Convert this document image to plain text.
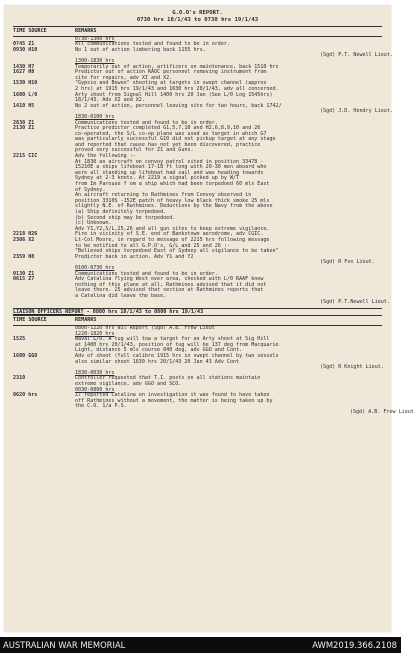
G.O.O's REPORT.
0730 hrs 18/1/43 to 0730 hrs 19/1/43
TIME SOURCE	REMARKS
0730-1300 hrs
0745 Z1	All communications tested and found to be in order.
0930 H10	No 1 out of action limbering back 1155 hrs.
(Sgd) P.T. Newell Lieut.
1300-1830 hrs
1430 H7	Temporarily out of action, artificers on maintenance, back 1510 hrs
1627 H8	Predictor out of action RAOC personnel removing instrument from
site for repairs, adv XI and X2.
1530 H10	"Gypsie and Bowen" shooting at targets in swept channel (approx
2 hrs) at 1915 hrs 19/1/43 and 1630 hrs 20/1/43, adv all concerned.
1600 L/0	Arty shoot from Signal Hill 1400 hrs 20 Jan (See L/0 Log 1545hrs)
18/1/43. Adv XI and X2.
1410 H5	No 2 out of action, personnel leaving site for two hours, back 1742/
(Sgd) J.D. Hendry Lieut.
1830-0100 hrs
2830 Z1	Communications tested and found to be in order.
2130 Z1	Practice predictor completed G1,5,7,10 and H2,6,8,9,10 and 26
co-operated, the S/L co-op plane was used as target in which G7
was particularly successful G10 did not pickup target at any stage
and reported that cause has not yet been discovered, practice
proved very successful for Z1 and Guns.
2215 CIC	Adv the following :-
At 1830 an aircraft on convoy patrol sited in position 33478 -
15210E a ships lifeboat 17-18 ft long with 20-30 men aboard who
were all standing up lifeboat had sail and was heading towards
Sydney at 2-3 knots. At 2219 a signal picked up by W/T
from Im Parouse f om a ship which had been torpedoed 60 mls East
of Sydney.
An aircraft returning to Rathmines from Convoy observed in
position 3310S -152E patch of heavy low black thick smoke 25 mls
slightly N.E. of Rathmines. Deductions by the Navy from the above
(a) Ship definitely torpedoed.
(b) Second ship may be torpedoed.
(c) Unknown.
Adv Y1,Y2,S/L,25,26 and all gun sites to keep extreme vigilance.
2218 H26	Fire in vicinity of S.E. end of Bankstown aerodrome, adv CGIC.
2306 X2	Lt-Col Moore, in regard to message of 2215 hrs following message
to be notified to all G.P.O's, G/L and 25 and 26 :-
"Believed ships torpedoed East of Sydney all vigilance to be taken"
2359 H8	Predictor back in action. Adv Y1 and Y2
(Sgd) R Fox Lieut.
0100-0730 hrs
0130 Z1	Communications tested and found to be in order.
0615 Z7	Adv Catalina flying West over area, checked with L/0 RAAF know
nothing of this plane at all, Rathmines advised that it did not
leave there. 25 advised that section at Rathmines reports that
a Catalina did leave the base.
(Sgd) P.T.Newell Lieut.
LIAISON OFFICERS REPORT - 0800 hrs 18/1/43 to 0800 hrs 19/1/43
TIME SOURCE	REMARKS
0800-1220 hrs Nil Report (Sgd) A.B. Frew Lieut
1220-1820 hrs
1525	Naval L/O. A tug will tow a target for an Arty shoot at Sig Hill
at 1400 hrs 20/1/43, position of tug will be 137 deg from Macquarie
Light, distance 5 mls course 040 deg, adv GGO and Cont.
1600 GGO	Adv of shoot (full calibre 1915 hrs in swept channel by two vessels
also similar shoot 1630 hrs 20/1/43 20 Jan 43 Adv Cont
(Sgd) R Knight Lieut.
1830-0030 hrs
2310	Controller requested that T.I. posts on all stations maintain
extreme vigilance, adv GGO and SCO.
0030-0800 hrs
0620 hrs	Z7 reported Catalina on investigation it was found to have taken
off Rathmines without a movement, the matter is being taken up by
the C.O. 1/a P.S.
(Sgd) A.B. Frew Lieut
AUSTRALIAN WAR MEMORIAL	AWM2019.366.2108
